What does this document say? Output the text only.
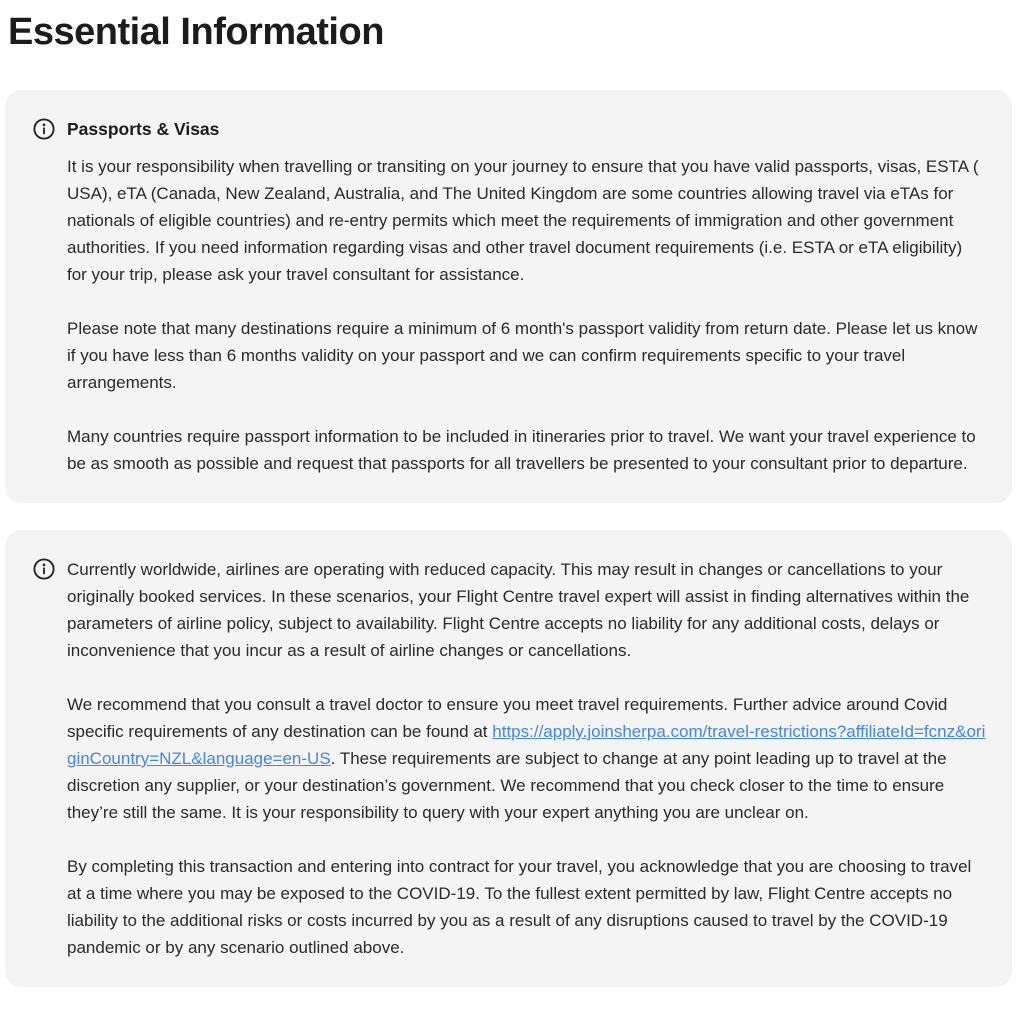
Essential Information
Passports & Visas

It is your responsibility when travelling or transiting on your journey to ensure that you have valid passports, visas, ESTA ( USA), eTA (Canada, New Zealand, Australia, and The United Kingdom are some countries allowing travel via eTAs for nationals of eligible countries) and re-entry permits which meet the requirements of immigration and other government authorities. If you need information regarding visas and other travel document requirements (i.e. ESTA or eTA eligibility) for your trip, please ask your travel consultant for assistance.

Please note that many destinations require a minimum of 6 month's passport validity from return date. Please let us know if you have less than 6 months validity on your passport and we can confirm requirements specific to your travel arrangements.

Many countries require passport information to be included in itineraries prior to travel. We want your travel experience to be as smooth as possible and request that passports for all travellers be presented to your consultant prior to departure.

Currently worldwide, airlines are operating with reduced capacity. This may result in changes or cancellations to your originally booked services. In these scenarios, your Flight Centre travel expert will assist in finding alternatives within the parameters of airline policy, subject to availability. Flight Centre accepts no liability for any additional costs, delays or inconvenience that you incur as a result of airline changes or cancellations.

We recommend that you consult a travel doctor to ensure you meet travel requirements. Further advice around Covid specific requirements of any destination can be found at https://apply.joinsherpa.com/travel-restrictions?affiliateId=fcnz&originCountry=NZL&language=en-US. These requirements are subject to change at any point leading up to travel at the discretion any supplier, or your destination’s government. We recommend that you check closer to the time to ensure they’re still the same. It is your responsibility to query with your expert anything you are unclear on.

By completing this transaction and entering into contract for your travel, you acknowledge that you are choosing to travel at a time where you may be exposed to the COVID-19. To the fullest extent permitted by law, Flight Centre accepts no liability to the additional risks or costs incurred by you as a result of any disruptions caused to travel by the COVID-19 pandemic or by any scenario outlined above.
